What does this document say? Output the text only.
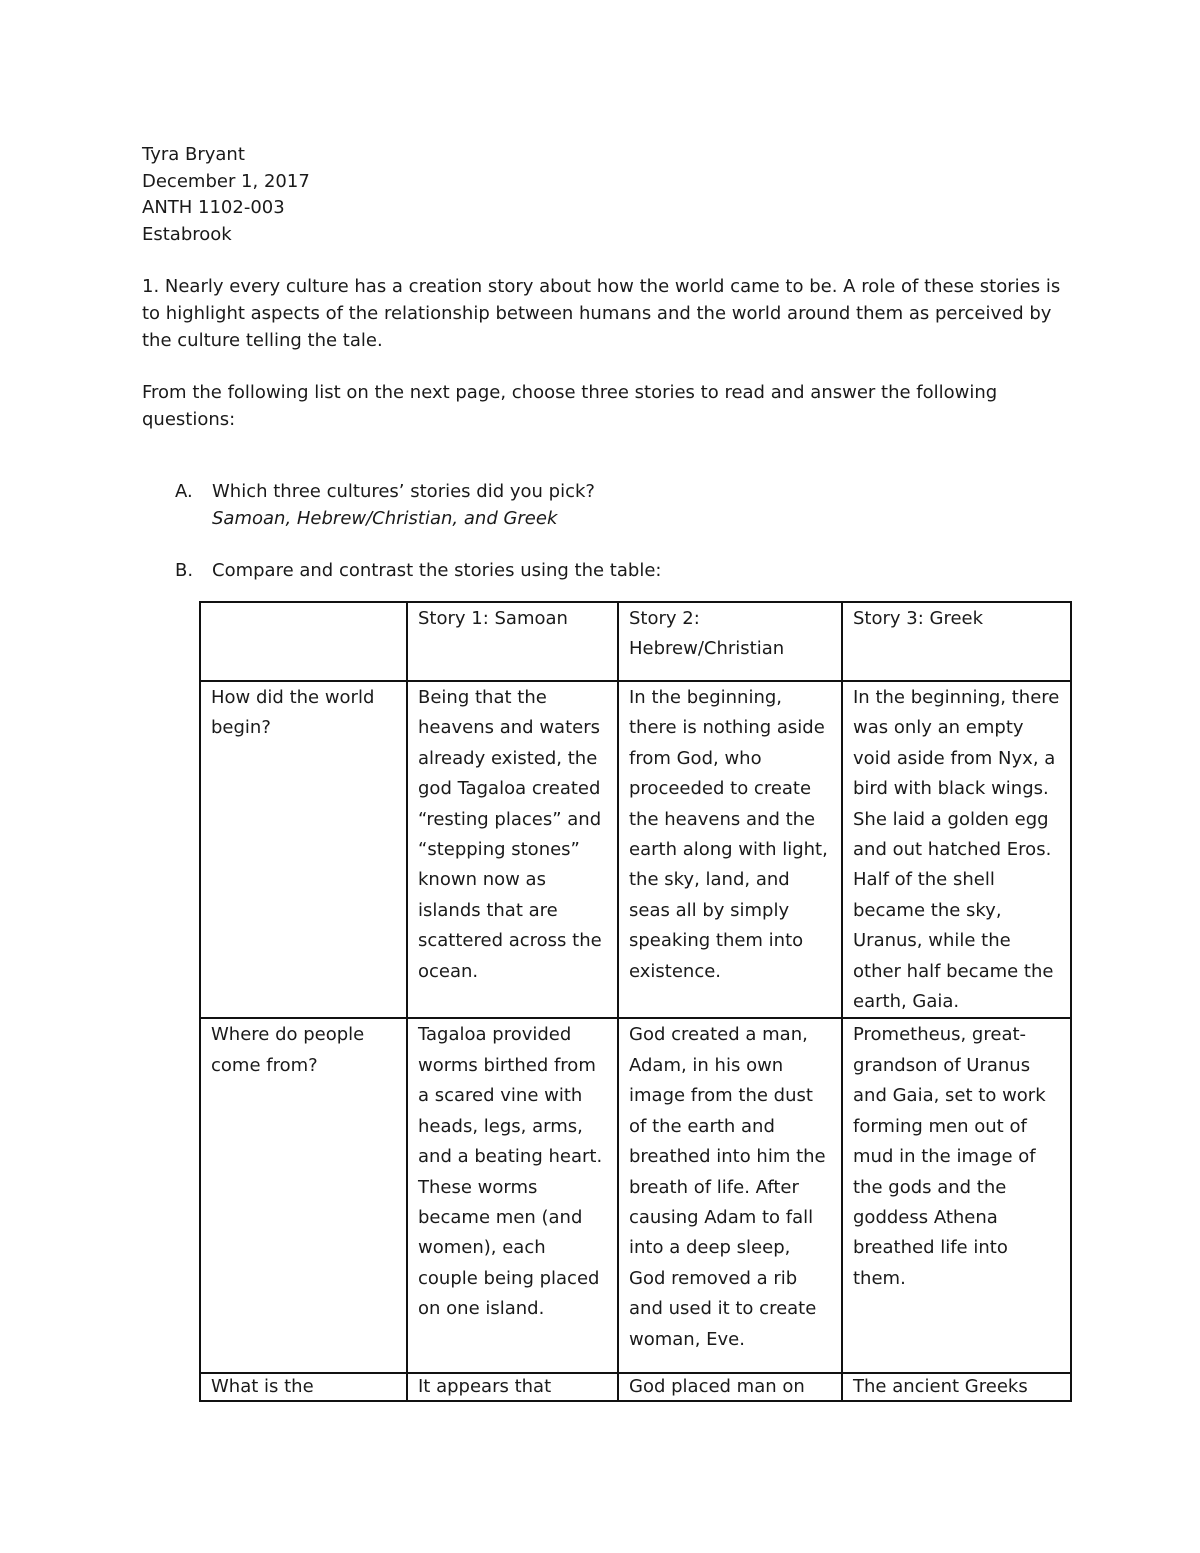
Tyra Bryant
December 1, 2017
ANTH 1102-003
Estabrook

1. Nearly every culture has a creation story about how the world came to be. A role of these stories is to highlight aspects of the relationship between humans and the world around them as perceived by the culture telling the tale.

From the following list on the next page, choose three stories to read and answer the following questions:

A. Which three cultures’ stories did you pick?
Samoan, Hebrew/Christian, and Greek
B. Compare and contrast the stories using the table:

	Story 1: Samoan	Story 2: Hebrew/Christian	Story 3: Greek

How did the world begin?	Being that the heavens and waters already existed, the god Tagaloa created “resting places” and “stepping stones” known now as islands that are scattered across the ocean.	In the beginning, there is nothing aside from God, who proceeded to create the heavens and the earth along with light, the sky, land, and seas all by simply speaking them into existence.	In the beginning, there was only an empty void aside from Nyx, a bird with black wings. She laid a golden egg and out hatched Eros. Half of the shell became the sky, Uranus, while the other half became the earth, Gaia.

Where do people come from?	Tagaloa provided worms birthed from a scared vine with heads, legs, arms, and a beating heart. These worms became men (and women), each couple being placed on one island.	God created a man, Adam, in his own image from the dust of the earth and breathed into him the breath of life. After causing Adam to fall into a deep sleep, God removed a rib and used it to create woman, Eve.	Prometheus, great-grandson of Uranus and Gaia, set to work forming men out of mud in the image of the gods and the goddess Athena breathed life into them.

What is the	It appears that	God placed man on	The ancient Greeks
